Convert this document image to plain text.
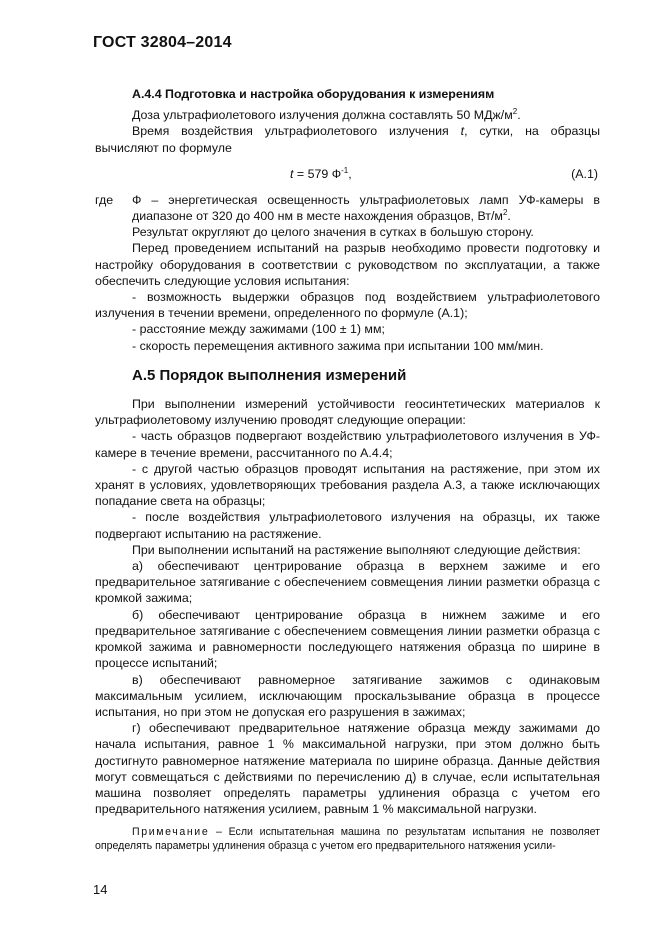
ГОСТ 32804–2014

А.4.4 Подготовка и настройка оборудования к измерениям

Доза ультрафиолетового излучения должна составлять 50 МДж/$м^2$.

Время воздействия ультрафиолетового излучения t, сутки, на образцы вычисляют по формуле

t = 579 $Ф^{-1}$,	(А.1)

где	Ф – энергетическая освещенность ультрафиолетовых ламп УФ-камеры в диапазоне от 320 до 400 нм в месте нахождения образцов, $Вт/м^2$.

Результат округляют до целого значения в сутках в большую сторону.

Перед проведением испытаний на разрыв необходимо провести подготовку и настройку оборудования в соответствии с руководством по эксплуатации, а также обеспечить следующие условия испытания:

- возможность выдержки образцов под воздействием ультрафиолетового излучения в течении времени, определенного по формуле (А.1);

- расстояние между зажимами (100 ± 1) мм;

- скорость перемещения активного зажима при испытании 100 мм/мин.

А.5 Порядок выполнения измерений

При выполнении измерений устойчивости геосинтетических материалов к ультрафиолетовому излучению проводят следующие операции:

- часть образцов подвергают воздействию ультрафиолетового излучения в УФ-камере в течение времени, рассчитанного по А.4.4;

- с другой частью образцов проводят испытания на растяжение, при этом их хранят в условиях, удовлетворяющих требования раздела А.3, а также исключающих попадание света на образцы;

- после воздействия ультрафиолетового излучения на образцы, их также подвергают испытанию на растяжение.

При выполнении испытаний на растяжение выполняют следующие действия:

а) обеспечивают центрирование образца в верхнем зажиме и его предварительное затягивание с обеспечением совмещения линии разметки образца с кромкой зажима;

б) обеспечивают центрирование образца в нижнем зажиме и его предварительное затягивание с обеспечением совмещения линии разметки образца с кромкой зажима и равномерности последующего натяжения образца по ширине в процессе испытаний;

в) обеспечивают равномерное затягивание зажимов с одинаковым максимальным усилием, исключающим проскальзывание образца в процессе испытания, но при этом не допуская его разрушения в зажимах;

г) обеспечивают предварительное натяжение образца между зажимами до начала испытания, равное 1 % максимальной нагрузки, при этом должно быть достигнуто равномерное натяжение материала по ширине образца. Данные действия могут совмещаться с действиями по перечислению д) в случае, если испытательная машина позволяет определять параметры удлинения образца с учетом его предварительного натяжения усилием, равным 1 % максимальной нагрузки.

Примечание – Если испытательная машина по результатам испытания не позволяет определять параметры удлинения образца с учетом его предварительного натяжения усили-

14
